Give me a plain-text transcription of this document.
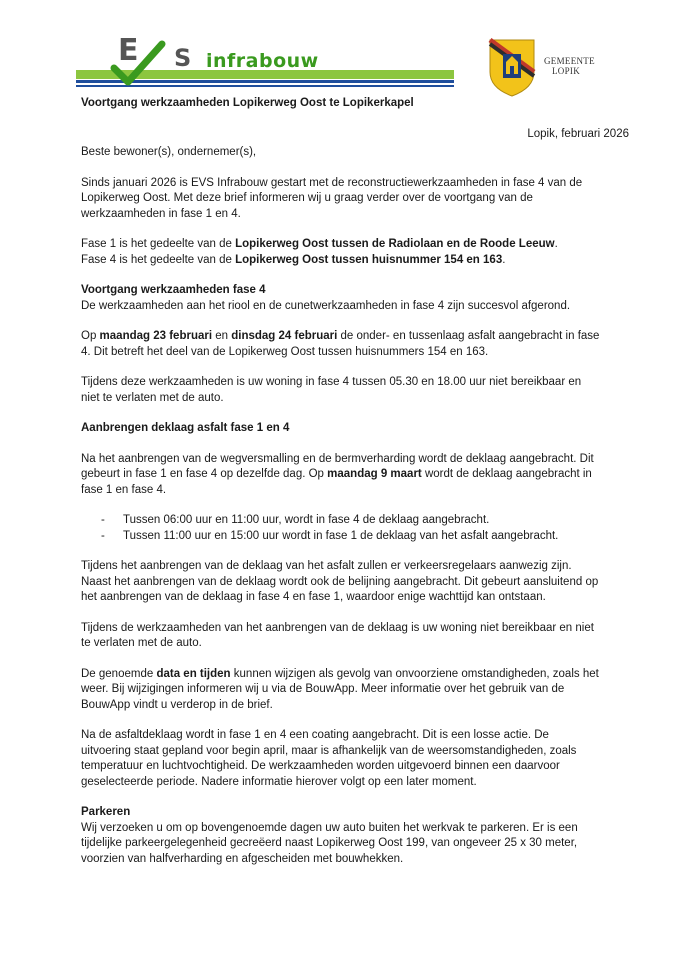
E S infrabouw	GEMEENTE
LOPIK
Voortgang werkzaamheden Lopikerweg Oost te Lopikerkapel
Lopik, februari 2026

Beste bewoner(s), ondernemer(s),

Sinds januari 2026 is EVS Infrabouw gestart met de reconstructiewerkzaamheden in fase 4 van de Lopikerweg Oost. Met deze brief informeren wij u graag verder over de voortgang van de werkzaamheden in fase 1 en 4.

Fase 1 is het gedeelte van de Lopikerweg Oost tussen de Radiolaan en de Roode Leeuw.
Fase 4 is het gedeelte van de Lopikerweg Oost tussen huisnummer 154 en 163.

Voortgang werkzaamheden fase 4

De werkzaamheden aan het riool en de cunetwerkzaamheden in fase 4 zijn succesvol afgerond.

Op maandag 23 februari en dinsdag 24 februari de onder- en tussenlaag asfalt aangebracht in fase 4. Dit betreft het deel van de Lopikerweg Oost tussen huisnummers 154 en 163.

Tijdens deze werkzaamheden is uw woning in fase 4 tussen 05.30 en 18.00 uur niet bereikbaar en niet te verlaten met de auto.

Aanbrengen deklaag asfalt fase 1 en 4

Na het aanbrengen van de wegversmalling en de bermverharding wordt de deklaag aangebracht. Dit gebeurt in fase 1 en fase 4 op dezelfde dag. Op maandag 9 maart wordt de deklaag aangebracht in fase 1 en fase 4.

- Tussen 06:00 uur en 11:00 uur, wordt in fase 4 de deklaag aangebracht.
- Tussen 11:00 uur en 15:00 uur wordt in fase 1 de deklaag van het asfalt aangebracht.

Tijdens het aanbrengen van de deklaag van het asfalt zullen er verkeersregelaars aanwezig zijn. Naast het aanbrengen van de deklaag wordt ook de belijning aangebracht. Dit gebeurt aansluitend op het aanbrengen van de deklaag in fase 4 en fase 1, waardoor enige wachttijd kan ontstaan.

Tijdens de werkzaamheden van het aanbrengen van de deklaag is uw woning niet bereikbaar en niet te verlaten met de auto.

De genoemde data en tijden kunnen wijzigen als gevolg van onvoorziene omstandigheden, zoals het weer. Bij wijzigingen informeren wij u via de BouwApp. Meer informatie over het gebruik van de BouwApp vindt u verderop in de brief.

Na de asfaltdeklaag wordt in fase 1 en 4 een coating aangebracht. Dit is een losse actie. De uitvoering staat gepland voor begin april, maar is afhankelijk van de weersomstandigheden, zoals temperatuur en luchtvochtigheid. De werkzaamheden worden uitgevoerd binnen een daarvoor geselecteerde periode. Nadere informatie hierover volgt op een later moment.

Parkeren

Wij verzoeken u om op bovengenoemde dagen uw auto buiten het werkvak te parkeren. Er is een tijdelijke parkeergelegenheid gecreëerd naast Lopikerweg Oost 199, van ongeveer 25 x 30 meter, voorzien van halfverharding en afgescheiden met bouwhekken.
